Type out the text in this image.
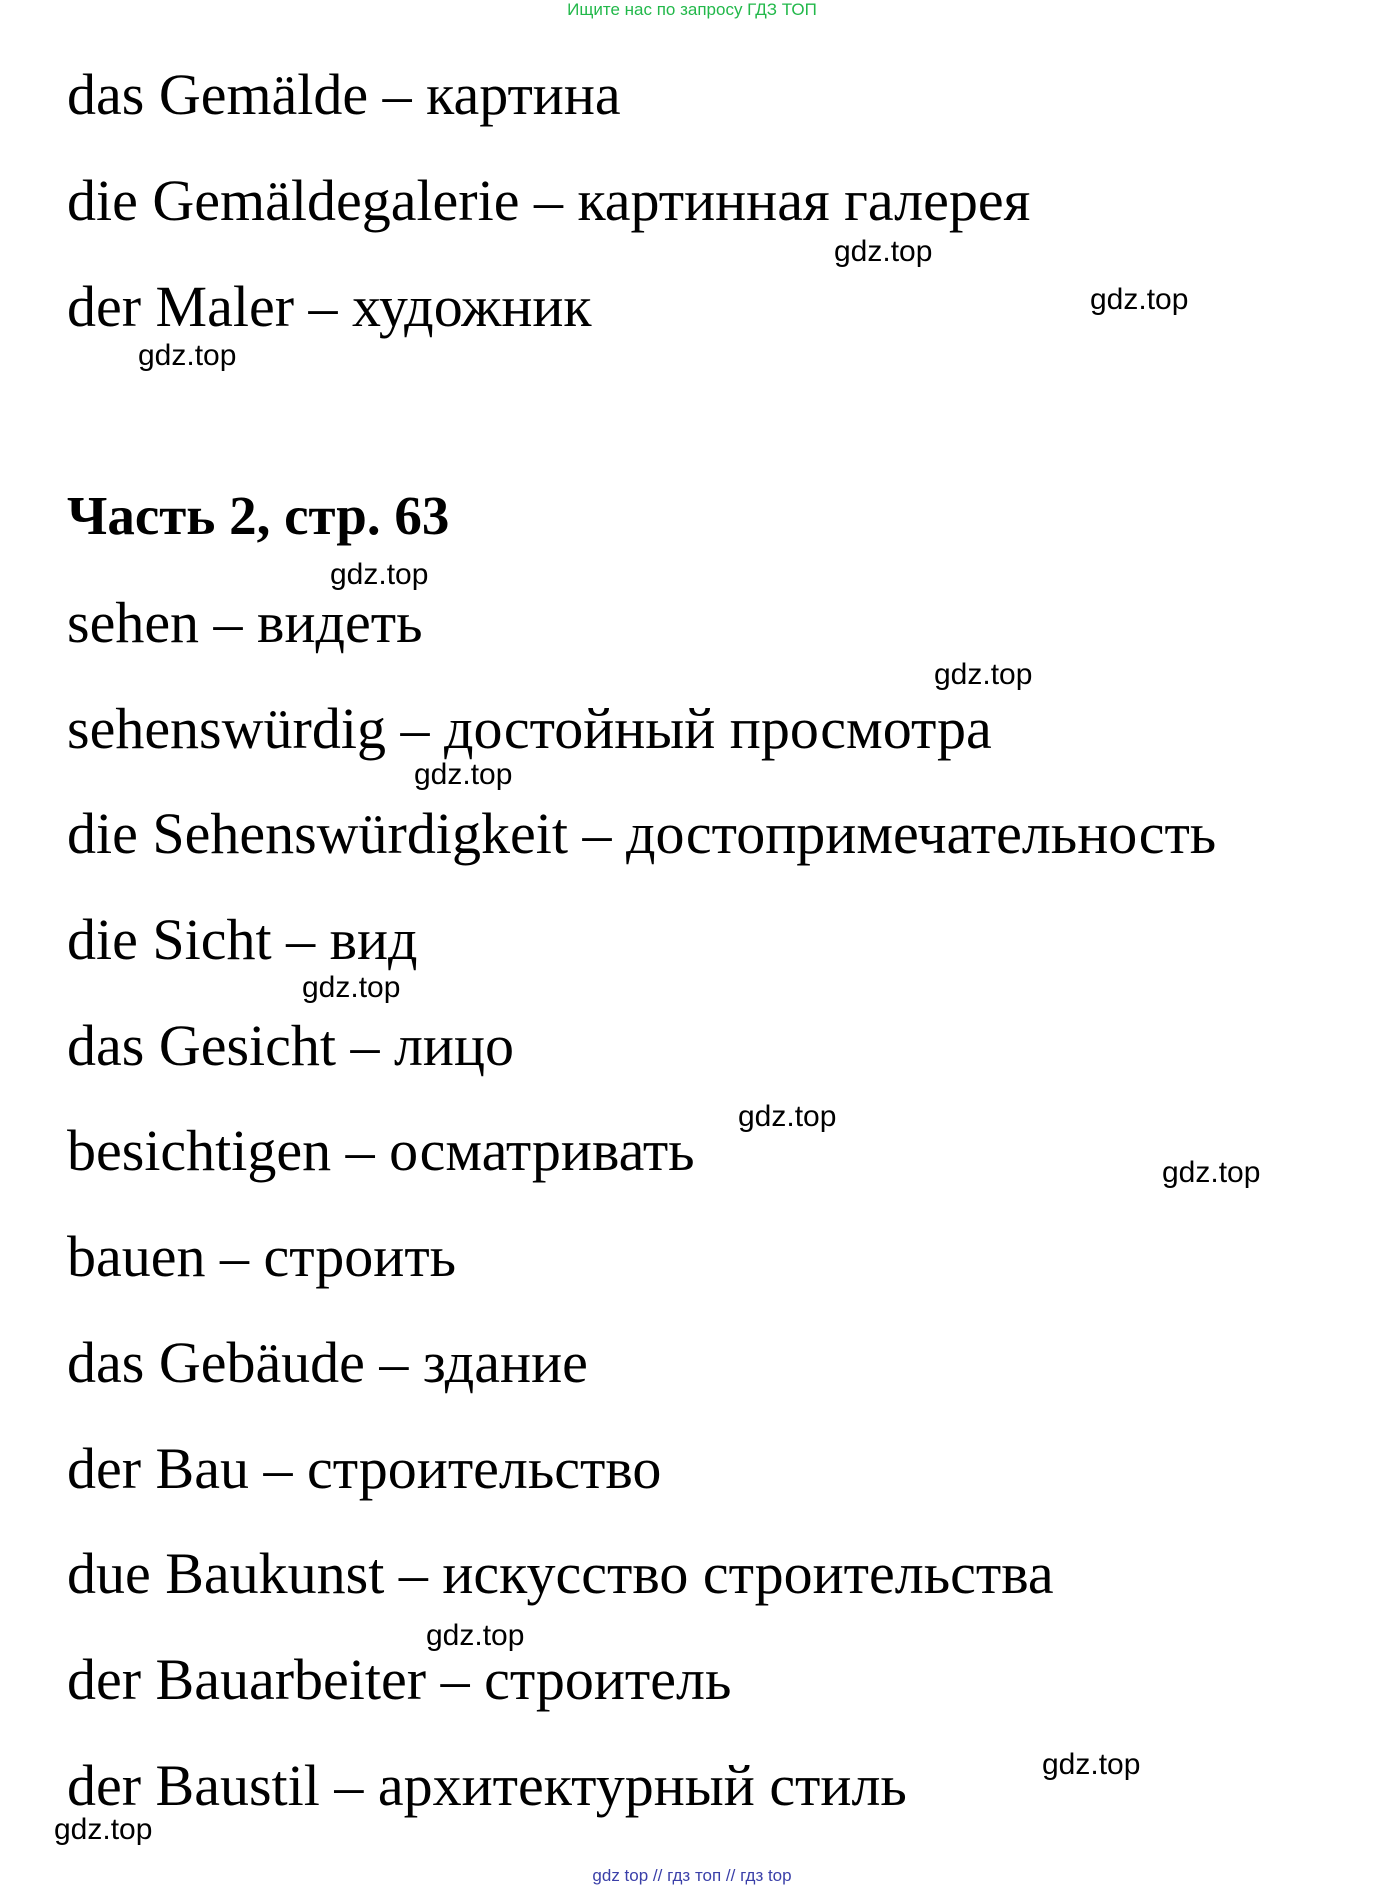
Ищите нас по запросу ГДЗ ТОП
das Gemälde – картина
die Gemäldegalerie – картинная галерея
der Maler – художник
Часть 2, стр. 63
sehen – видеть
sehenswürdig – достойный просмотра
die Sehenswürdigkeit – достопримечательность
die Sicht – вид
das Gesicht – лицо
besichtigen – осматривать
bauen – строить
das Gebäude – здание
der Bau – строительство
due Baukunst – искусство строительства
der Bauarbeiter – строитель
der Baustil – архитектурный стиль
gdz.top
gdz.top
gdz.top
gdz.top
gdz.top
gdz.top
gdz.top
gdz.top
gdz.top
gdz.top
gdz.top
gdz.top
gdz top // гдз топ // гдз top
